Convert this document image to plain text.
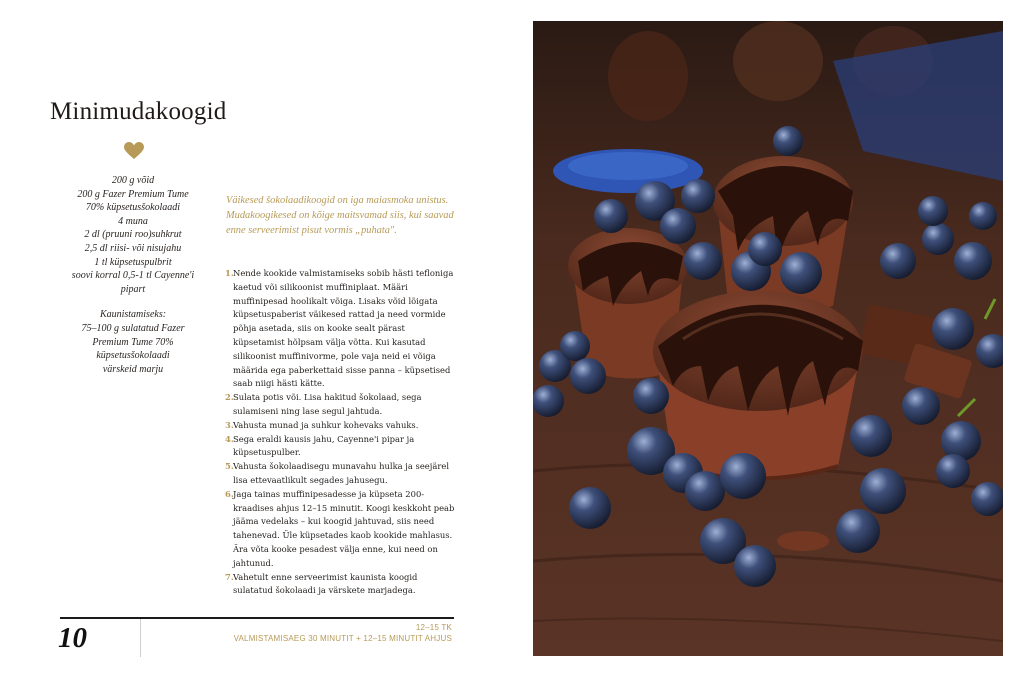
Minimudakoogid
200 g võid
200 g Fazer Premium Tume
70% küpsetusšokolaadi
4 muna
2 dl (pruuni roo)suhkrut
2,5 dl riisi- või nisujahu
1 tl küpsetuspulbrit
soovi korral 0,5-1 tl Cayenne'i
pipart
Kaunistamiseks:
75–100 g sulatatud Fazer
Premium Tume 70%
küpsetusšokolaadi
värskeid marju
Väikesed šokolaadikoogid on iga maiasmoka unistus. Mudakoogikesed on kõige maitsvamad siis, kui saavad enne serveerimist pisut vormis „puhata".
1. Nende kookide valmistamiseks sobib hästi tefloniga kaetud või silikoonist muffiniplaat. Määri muffinipesad hoolikalt võiga. Lisaks võid lõigata küpsetuspaberist väikesed rattad ja need vormide põhja asetada, siis on kooke sealt pärast küpsetamist hõlpsam välja võtta. Kui kasutad silikoonist muffinivorme, pole vaja neid ei võiga määrida ega paberkettaid sisse panna – küpsetised saab niigi hästi kätte.
2. Sulata potis või. Lisa hakitud šokolaad, sega sulamiseni ning lase segul jahtuda.
3. Vahusta munad ja suhkur kohevaks vahuks.
4. Sega eraldi kausis jahu, Cayenne'i pipar ja küpsetuspulber.
5. Vahusta šokolaadisegu munavahu hulka ja seejärel lisa ettevaatlikult segades jahusegu.
6. Jaga tainas muffinipesadesse ja küpseta 200-kraadises ahjus 12–15 minutit. Koogi keskkoht peab jääma vedelaks – kui koogid jahtuvad, siis need tahenevad. Üle küpsetades kaob kookide mahlasus. Ära võta kooke pesadest välja enne, kui need on jahtunud.
7. Vahetult enne serveerimist kaunista koogid sulatatud šokolaadi ja värskete marjadega.
10	12–15 TK
VALMISTAMISAEG 30 MINUTIT + 12–15 MINUTIT AHJUS
